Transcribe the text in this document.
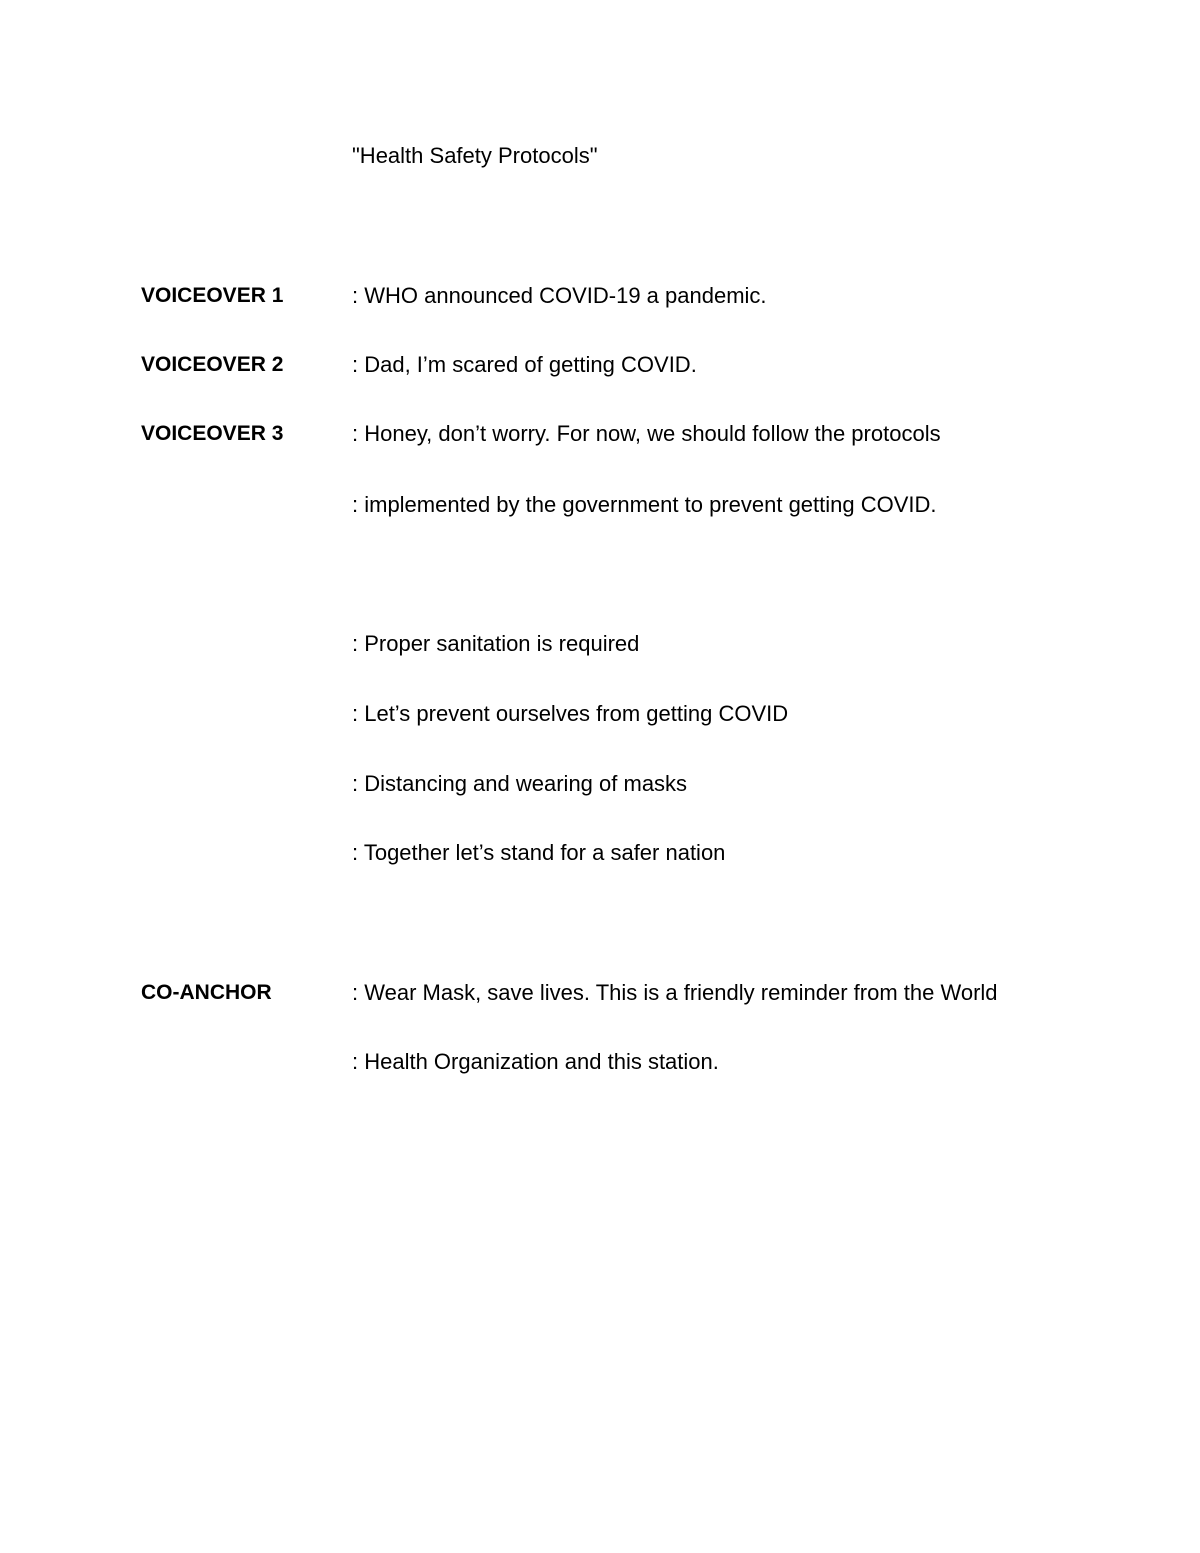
"Health Safety Protocols"
VOICEOVER 1	: WHO announced COVID-19 a pandemic.
VOICEOVER 2	: Dad, I’m scared of getting COVID.
VOICEOVER 3	: Honey, don’t worry. For now, we should follow the protocols
: implemented by the government to prevent getting COVID.
: Proper sanitation is required
: Let’s prevent ourselves from getting COVID
: Distancing and wearing of masks
: Together let’s stand for a safer nation
CO-ANCHOR	: Wear Mask, save lives. This is a friendly reminder from the World
: Health Organization and this station.
